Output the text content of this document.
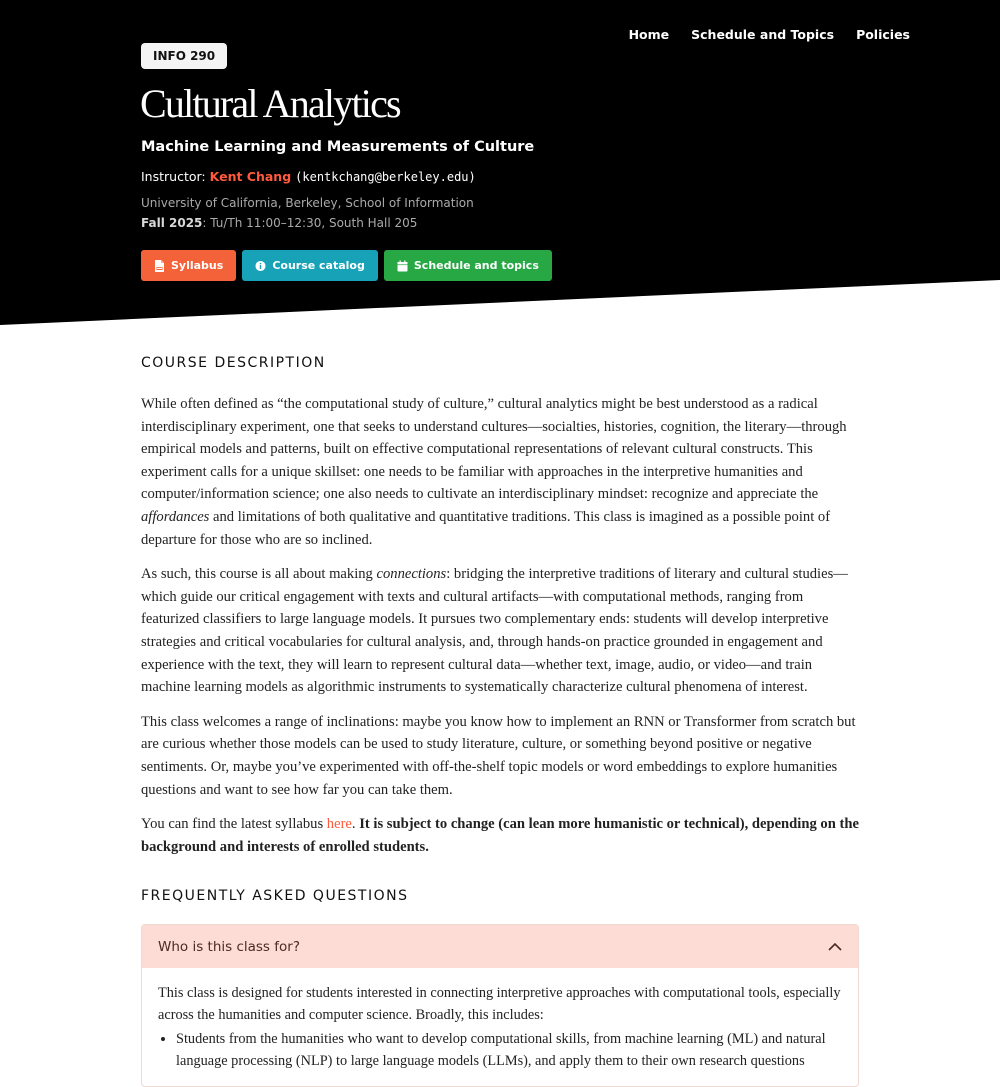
Home Schedule and Topics Policies
INFO 290
Cultural Analytics
Machine Learning and Measurements of Culture
Instructor: Kent Chang (kentkchang@berkeley.edu)
University of California, Berkeley, School of Information
Fall 2025: Tu/Th 11:00–12:30, South Hall 205
Syllabus	Course catalog	Schedule and topics
COURSE DESCRIPTION

While often defined as “the computational study of culture,” cultural analytics might be best understood as a radical interdisciplinary experiment, one that seeks to understand cultures—socialties, histories, cognition, the literary—through empirical models and patterns, built on effective computational representations of relevant cultural constructs. This experiment calls for a unique skillset: one needs to be familiar with approaches in the interpretive humanities and computer/information science; one also needs to cultivate an interdisciplinary mindset: recognize and appreciate the affordances and limitations of both qualitative and quantitative traditions. This class is imagined as a possible point of departure for those who are so inclined.

As such, this course is all about making connections: bridging the interpretive traditions of literary and cultural studies—which guide our critical engagement with texts and cultural artifacts—with computational methods, ranging from featurized classifiers to large language models. It pursues two complementary ends: students will develop interpretive strategies and critical vocabularies for cultural analysis, and, through hands-on practice grounded in engagement and experience with the text, they will learn to represent cultural data—whether text, image, audio, or video—and train machine learning models as algorithmic instruments to systematically characterize cultural phenomena of interest.

This class welcomes a range of inclinations: maybe you know how to implement an RNN or Transformer from scratch but are curious whether those models can be used to study literature, culture, or something beyond positive or negative sentiments. Or, maybe you’ve experimented with off-the-shelf topic models or word embeddings to explore humanities questions and want to see how far you can take them.

You can find the latest syllabus here. It is subject to change (can lean more humanistic or technical), depending on the background and interests of enrolled students.

FREQUENTLY ASKED QUESTIONS
Who is this class for?

This class is designed for students interested in connecting interpretive approaches with computational tools, especially across the humanities and computer science. Broadly, this includes:

• Students from the humanities who want to develop computational skills, from machine learning (ML) and natural language processing (NLP) to large language models (LLMs), and apply them to their own research questions
